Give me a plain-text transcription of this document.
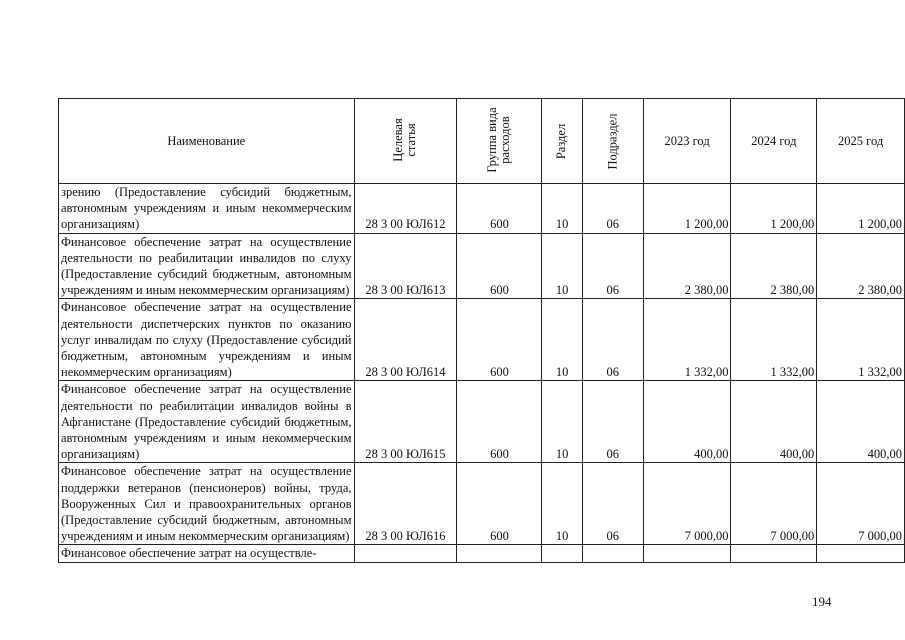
Наименование	Целевая статья	Группа вида расходов	Раздел	Подраздел	2023 год	2024 год	2025 год
зрению (Предоставление субсидий бюджетным, автономным учреждениям и иным некоммерческим организациям)	28 3 00 ЮЛ612	600	10	06	1 200,00	1 200,00	1 200,00
Финансовое обеспечение затрат на осуществление деятельности по реабилитации инвалидов по слуху (Предоставление субсидий бюджетным, автономным учреждениям и иным некоммерческим организациям)	28 3 00 ЮЛ613	600	10	06	2 380,00	2 380,00	2 380,00
Финансовое обеспечение затрат на осуществление деятельности диспетчерских пунктов по оказанию услуг инвалидам по слуху (Предоставление субсидий бюджетным, автономным учреждениям и иным некоммерческим организациям)	28 3 00 ЮЛ614	600	10	06	1 332,00	1 332,00	1 332,00
Финансовое обеспечение затрат на осуществление деятельности по реабилитации инвалидов войны в Афганистане (Предоставление субсидий бюджетным, автономным учреждениям и иным некоммерческим организациям)	28 3 00 ЮЛ615	600	10	06	400,00	400,00	400,00
Финансовое обеспечение затрат на осуществление поддержки ветеранов (пенсионеров) войны, труда, Вооруженных Сил и правоохранительных органов (Предоставление субсидий бюджетным, автономным учреждениям и иным некоммерческим организациям)	28 3 00 ЮЛ616	600	10	06	7 000,00	7 000,00	7 000,00
Финансовое обеспечение затрат на осуществле-							
194
